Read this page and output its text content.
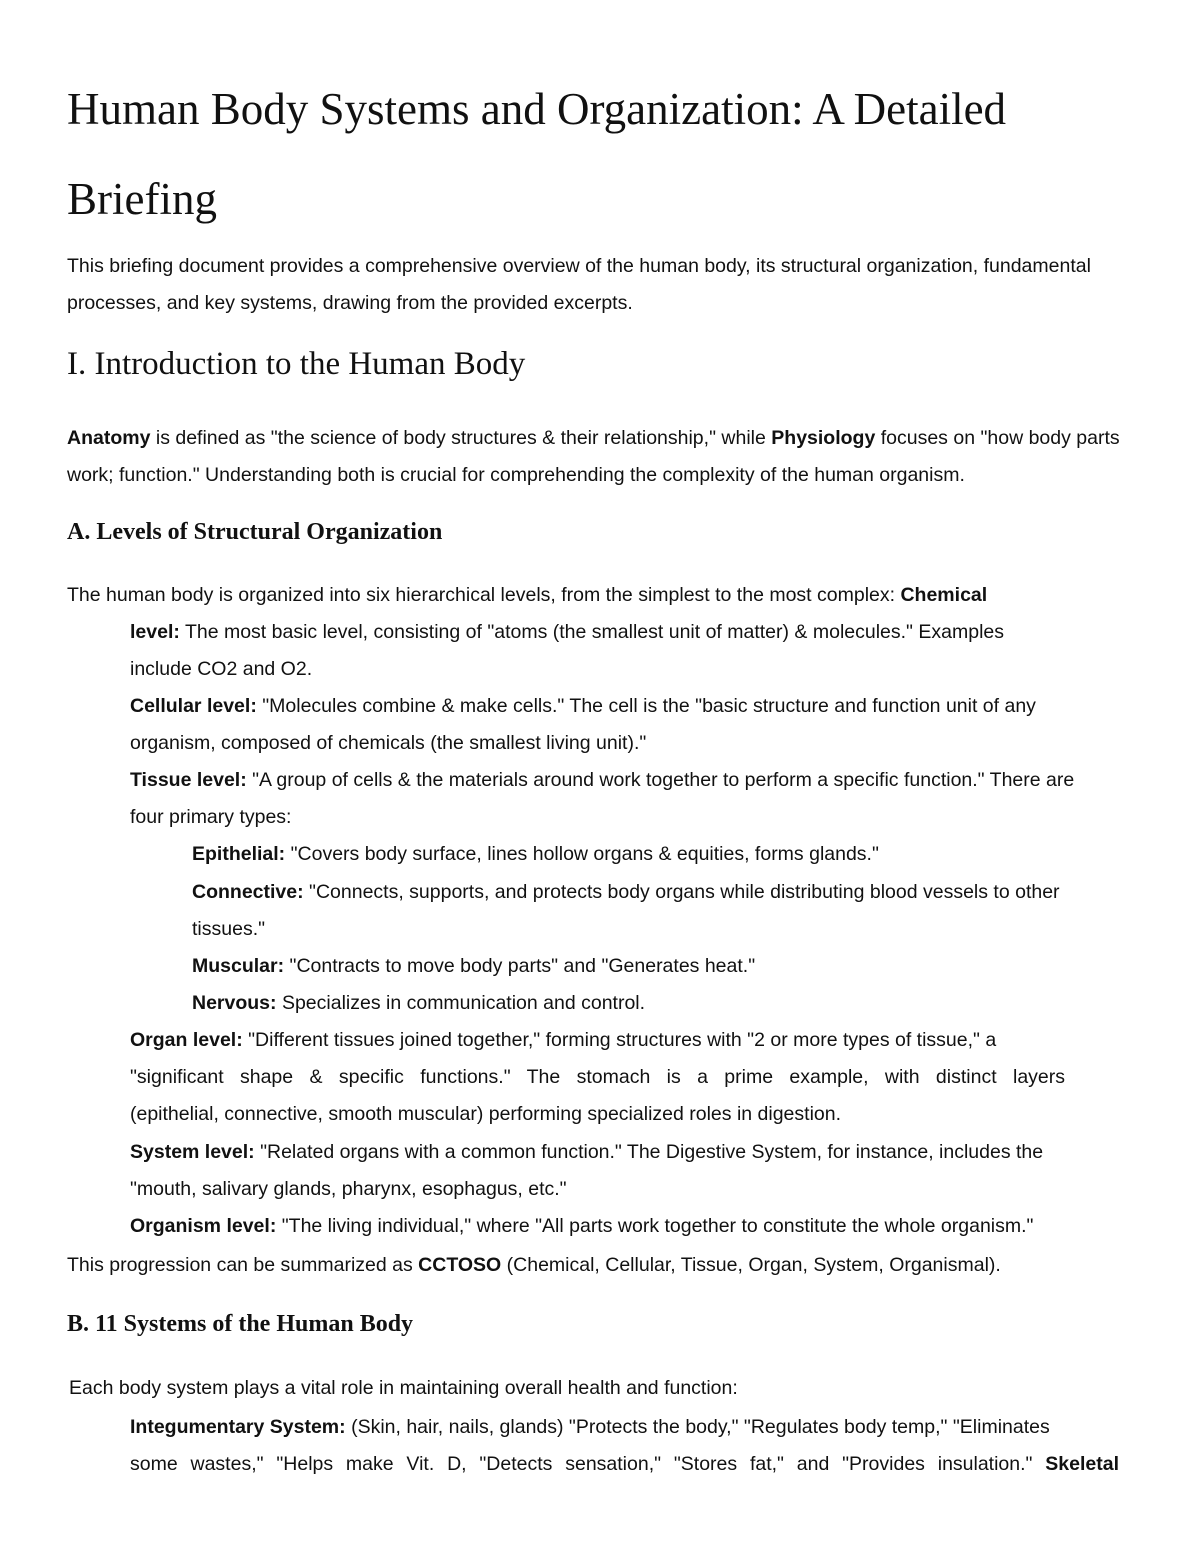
Human Body Systems and Organization: A Detailed Briefing

This briefing document provides a comprehensive overview of the human body, its structural organization, fundamental processes, and key systems, drawing from the provided excerpts.

I. Introduction to the Human Body

Anatomy is defined as "the science of body structures & their relationship," while Physiology focuses on "how body parts work; function." Understanding both is crucial for comprehending the complexity of the human organism.

A. Levels of Structural Organization
The human body is organized into six hierarchical levels, from the simplest to the most complex: Chemical
level: The most basic level, consisting of "atoms (the smallest unit of matter) & molecules." Examples
include CO2 and O2.
Cellular level: "Molecules combine & make cells." The cell is the "basic structure and function unit of any
organism, composed of chemicals (the smallest living unit)."
Tissue level: "A group of cells & the materials around work together to perform a specific function." There are
four primary types:
Epithelial: "Covers body surface, lines hollow organs & equities, forms glands."
Connective: "Connects, supports, and protects body organs while distributing blood vessels to other
tissues."
Muscular: "Contracts to move body parts" and "Generates heat."
Nervous: Specializes in communication and control.
Organ level: "Different tissues joined together," forming structures with "2 or more types of tissue," a
"significant shape & specific functions." The stomach is a prime example, with distinct layers
(epithelial, connective, smooth muscular) performing specialized roles in digestion.
System level: "Related organs with a common function." The Digestive System, for instance, includes the
"mouth, salivary glands, pharynx, esophagus, etc."
Organism level: "The living individual," where "All parts work together to constitute the whole organism."
This progression can be summarized as CCTOSO (Chemical, Cellular, Tissue, Organ, System, Organismal).
B. 11 Systems of the Human Body
Each body system plays a vital role in maintaining overall health and function:
Integumentary System: (Skin, hair, nails, glands) "Protects the body," "Regulates body temp," "Eliminates
some wastes," "Helps make Vit. D, "Detects sensation," "Stores fat," and "Provides insulation." Skeletal
